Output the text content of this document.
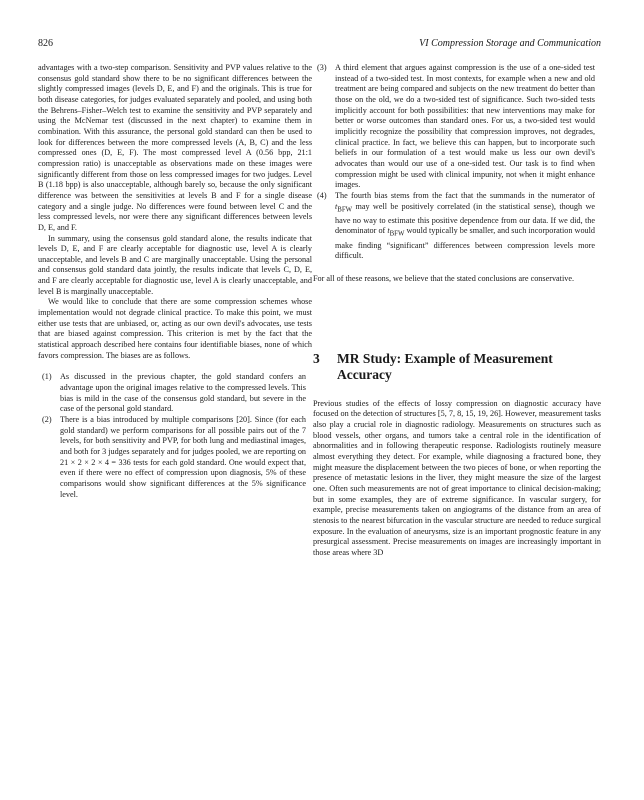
826	VI Compression Storage and Communication

advantages with a two-step comparison. Sensitivity and PVP values relative to the consensus gold standard show there to be no significant differences between the slightly compressed images (levels D, E, and F) and the originals. This is true for both disease categories, for judges evaluated separately and pooled, and using both the Behrens–Fisher–Welch test to examine the sensitivity and PVP separately and using the McNemar test (discussed in the next chapter) to examine them in combination. With this assurance, the personal gold standard can then be used to look for differences between the more compressed levels (A, B, C) and the less compressed ones (D, E, F). The most compressed level A (0.56 bpp, 21:1 compression ratio) is unacceptable as observations made on these images were significantly different from those on less compressed images for two judges. Level B (1.18 bpp) is also unacceptable, although barely so, because the only significant difference was between the sensitivities at levels B and F for a single disease category and a single judge. No differences were found between level C and the less compressed levels, nor were there any significant differences between levels D, E, and F.

In summary, using the consensus gold standard alone, the results indicate that levels D, E, and F are clearly acceptable for diagnostic use, level A is clearly unacceptable, and levels B and C are marginally unacceptable. Using the personal and consensus gold standard data jointly, the results indicate that levels C, D, E, and F are clearly acceptable for diagnostic use, level A is clearly unacceptable, and level B is marginally unacceptable.

We would like to conclude that there are some compression schemes whose implementation would not degrade clinical practice. To make this point, we must either use tests that are unbiased, or, acting as our own devil's advocates, use tests that are biased against compression. This criterion is met by the fact that the statistical approach described here contains four identifiable biases, none of which favors compression. The biases are as follows.

(1) As discussed in the previous chapter, the gold standard confers an advantage upon the original images relative to the compressed levels. This bias is mild in the case of the consensus gold standard, but severe in the case of the personal gold standard.
(2) There is a bias introduced by multiple comparisons [20]. Since (for each gold standard) we perform comparisons for all possible pairs out of the 7 levels, for both sensitivity and PVP, for both lung and mediastinal images, and both for 3 judges separately and for judges pooled, we are reporting on 21 × 2 × 2 × 4 = 336 tests for each gold standard. One would expect that, even if there were no effect of compression upon diagnosis, 5% of these comparisons would show significant differences at the 5% significance level.
(3) A third element that argues against compression is the use of a one-sided test instead of a two-sided test. In most contexts, for example when a new and old treatment are being compared and subjects on the new treatment do better than those on the old, we do a two-sided test of significance. Such two-sided tests implicitly account for both possibilities: that new interventions may make for better or worse outcomes than standard ones. For us, a two-sided test would implicitly recognize the possibility that compression improves, not degrades, clinical practice. In fact, we believe this can happen, but to incorporate such beliefs in our formulation of a test would make us less our own devil's advocates than would our use of a one-sided test. Our task is to find when compression might be used with clinical impunity, not when it might enhance images.
(4) The fourth bias stems from the fact that the summands in the numerator of $t_{BFW}$ may well be positively correlated (in the statistical sense), though we have no way to estimate this positive dependence from our data. If we did, the denominator of $t_{BFW}$ would typically be smaller, and such incorporation would make finding “significant” differences between compression levels more difficult.

For all of these reasons, we believe that the stated conclusions are conservative.

3 MR Study: Example of Measurement Accuracy

Previous studies of the effects of lossy compression on diagnostic accuracy have focused on the detection of structures [5, 7, 8, 15, 19, 26]. However, measurement tasks also play a crucial role in diagnostic radiology. Measurements on structures such as blood vessels, other organs, and tumors take a central role in the identification of abnormalities and in following therapeutic response. Radiologists routinely measure almost everything they detect. For example, while diagnosing a fractured bone, they might measure the displacement between the two pieces of bone, or when reporting the presence of metastatic lesions in the liver, they might measure the size of the largest one. Often such measurements are not of great importance to clinical decision-making; but in some examples, they are of extreme significance. In vascular surgery, for example, precise measurements taken on angiograms of the distance from an area of stenosis to the nearest bifurcation in the vascular structure are needed to reduce surgical exposure. In the evaluation of aneurysms, size is an important prognostic feature in any presurgical assessment. Precise measurements on images are increasingly important in those areas where 3D
